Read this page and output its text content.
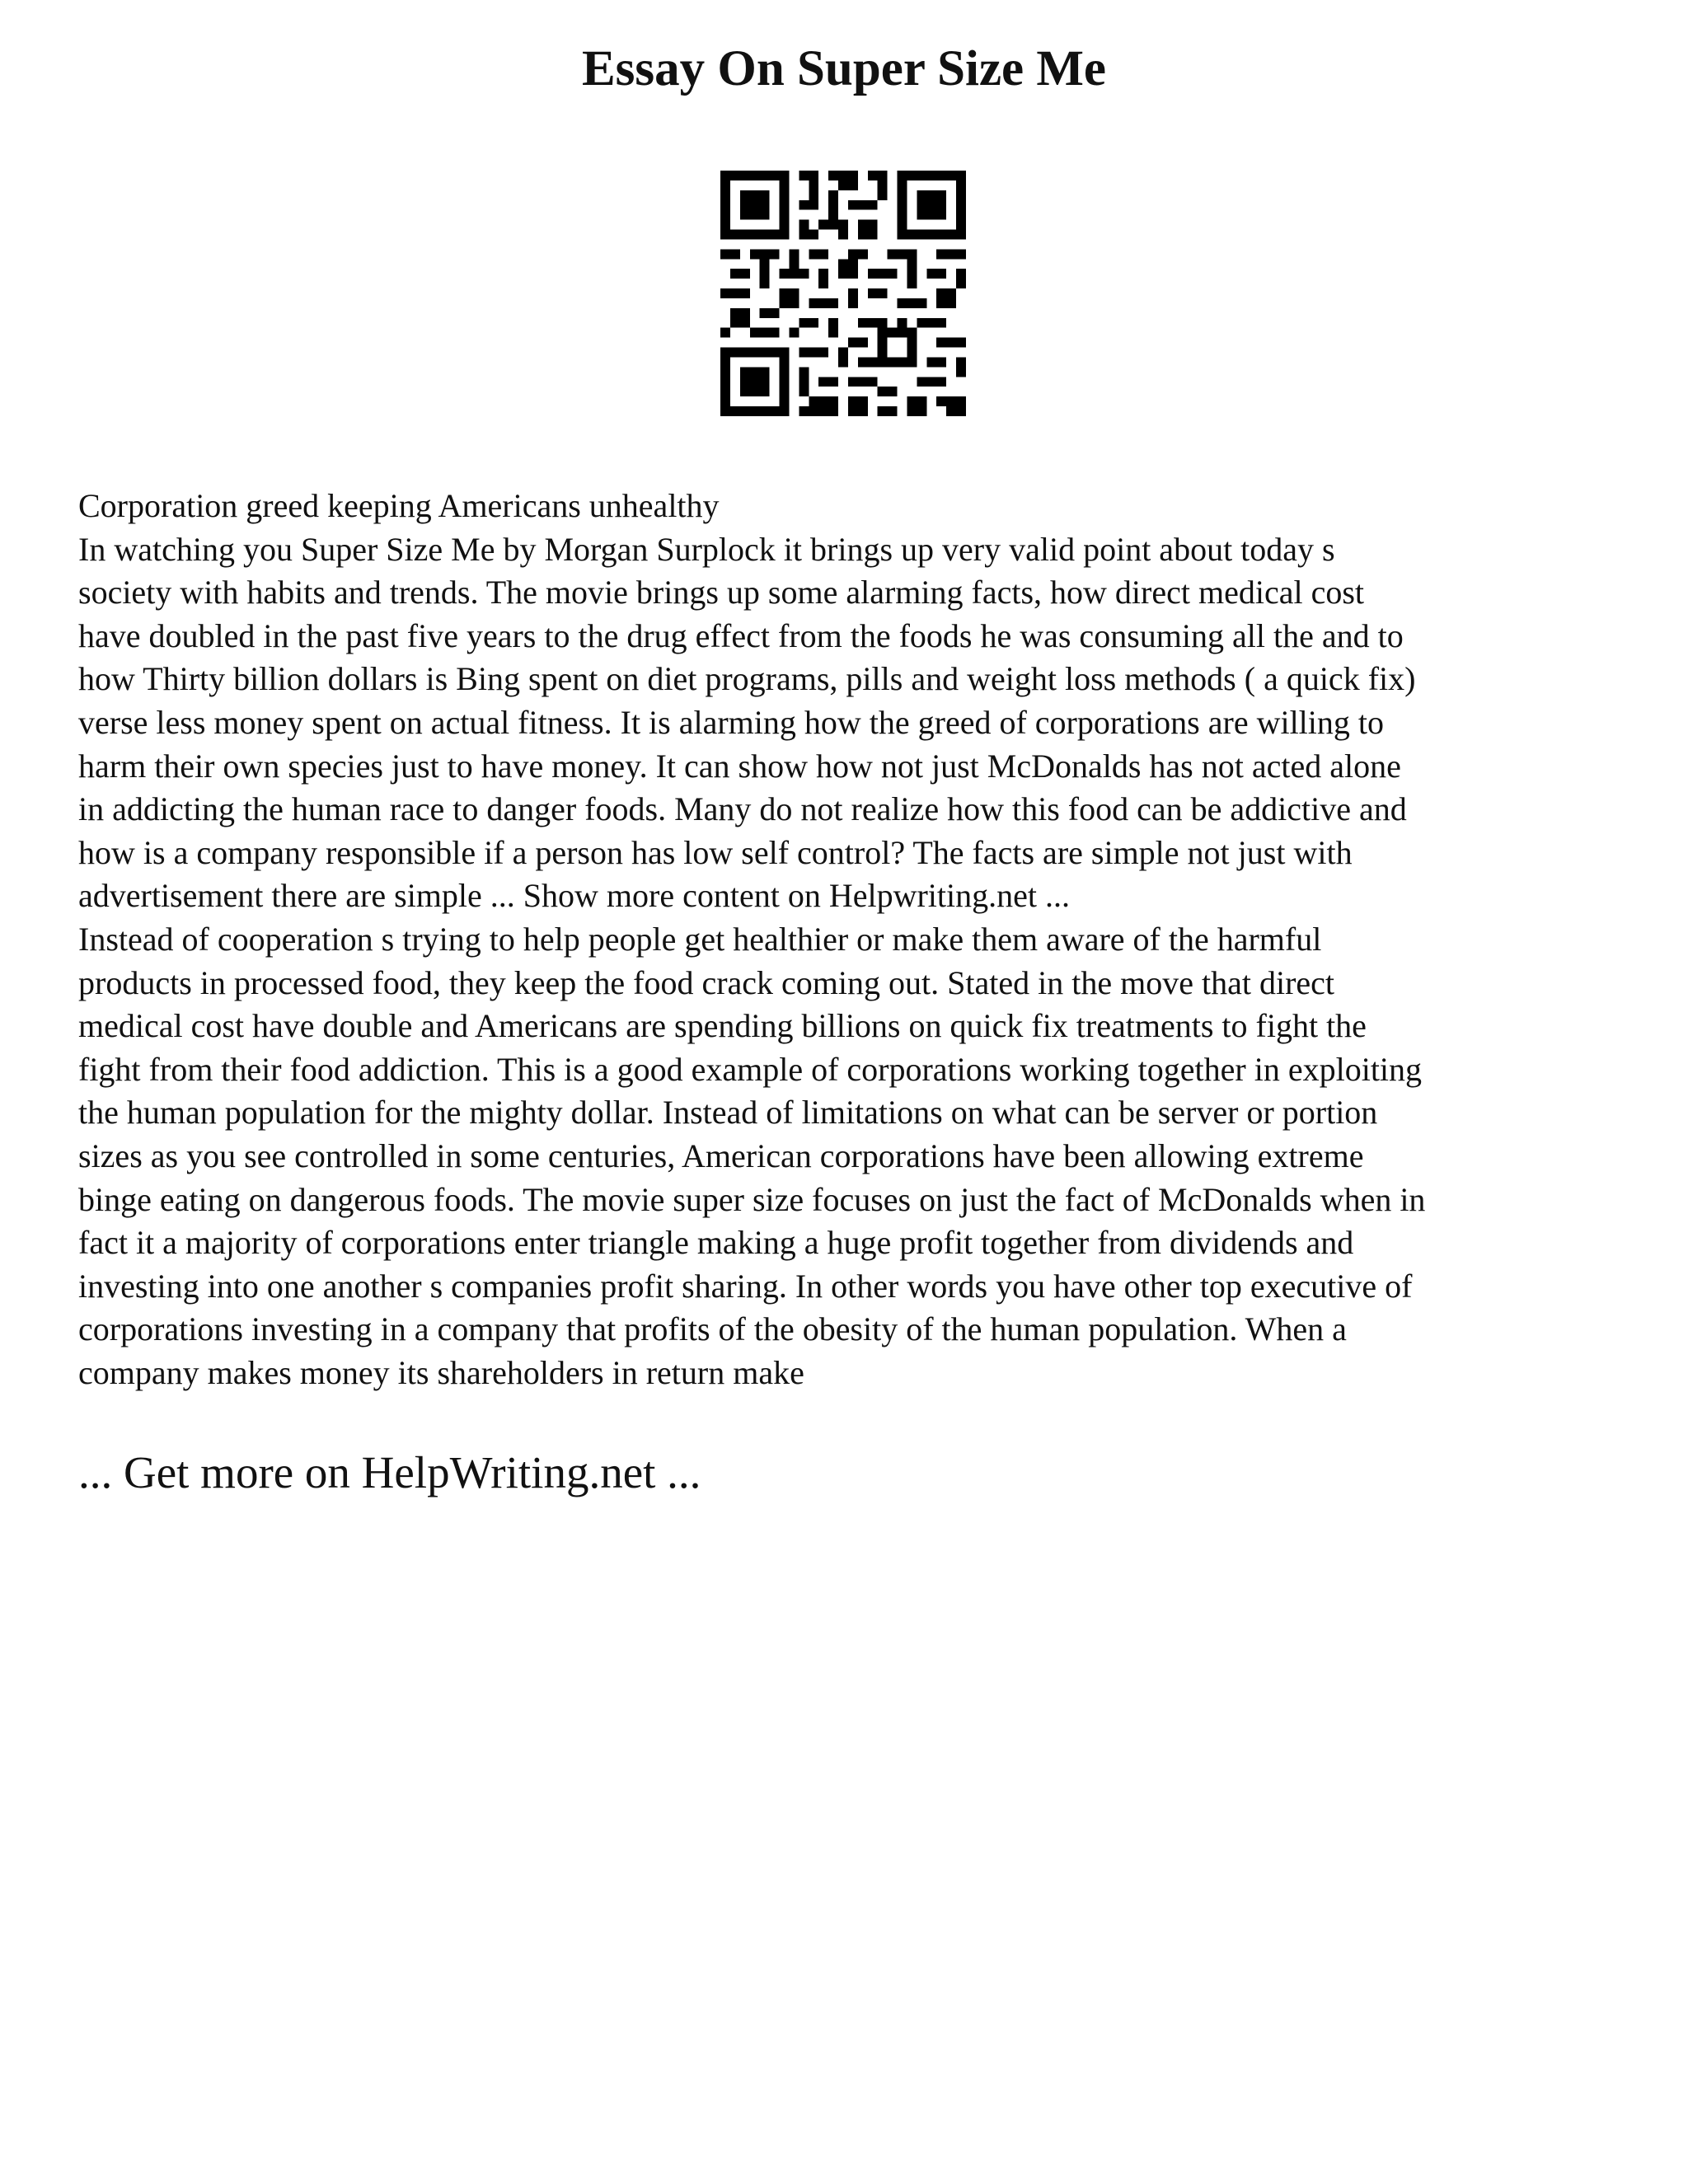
Essay On Super Size Me

Corporation greed keeping Americans unhealthy

In watching you Super Size Me by Morgan Surplock it brings up very valid point about today s
society with habits and trends. The movie brings up some alarming facts, how direct medical cost
have doubled in the past five years to the drug effect from the foods he was consuming all the and to
how Thirty billion dollars is Bing spent on diet programs, pills and weight loss methods ( a quick fix)
verse less money spent on actual fitness. It is alarming how the greed of corporations are willing to
harm their own species just to have money. It can show how not just McDonalds has not acted alone
in addicting the human race to danger foods. Many do not realize how this food can be addictive and
how is a company responsible if a person has low self control? The facts are simple not just with
advertisement there are simple ... Show more content on Helpwriting.net ...

Instead of cooperation s trying to help people get healthier or make them aware of the harmful
products in processed food, they keep the food crack coming out. Stated in the move that direct
medical cost have double and Americans are spending billions on quick fix treatments to fight the
fight from their food addiction. This is a good example of corporations working together in exploiting
the human population for the mighty dollar. Instead of limitations on what can be server or portion
sizes as you see controlled in some centuries, American corporations have been allowing extreme
binge eating on dangerous foods. The movie super size focuses on just the fact of McDonalds when in
fact it a majority of corporations enter triangle making a huge profit together from dividends and
investing into one another s companies profit sharing. In other words you have other top executive of
corporations investing in a company that profits of the obesity of the human population. When a
company makes money its shareholders in return make

... Get more on HelpWriting.net ...
